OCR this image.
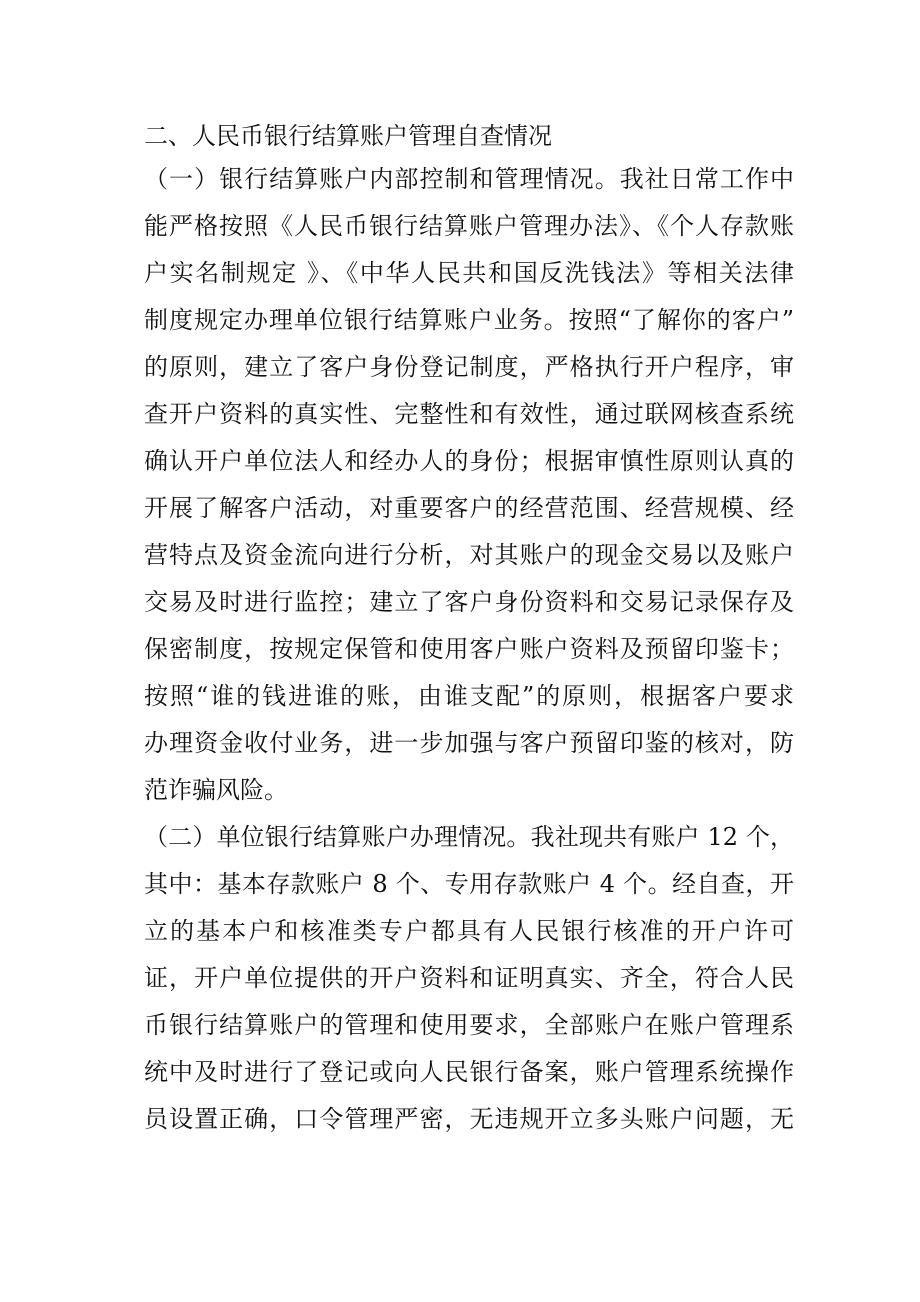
二、人民币银行结算账户管理自查情况

（一）银行结算账户内部控制和管理情况。我社日常工作中

能严格按照《人民币银行结算账户管理办法》、《个人存款账

户实名制规定 》、《中华人民共和国反洗钱法》等相关法律

制度规定办理单位银行结算账户业务。按照“了解你的客户”

的原则，建立了客户身份登记制度，严格执行开户程序，审

查开户资料的真实性、完整性和有效性，通过联网核查系统

确认开户单位法人和经办人的身份；根据审慎性原则认真的

开展了解客户活动，对重要客户的经营范围、经营规模、经

营特点及资金流向进行分析，对其账户的现金交易以及账户

交易及时进行监控；建立了客户身份资料和交易记录保存及

保密制度，按规定保管和使用客户账户资料及预留印鉴卡；

按照“谁的钱进谁的账，由谁支配”的原则，根据客户要求

办理资金收付业务，进一步加强与客户预留印鉴的核对，防

范诈骗风险。

（二）单位银行结算账户办理情况。我社现共有账户 12 个，

其中：基本存款账户 8 个、专用存款账户 4 个。经自查，开

立的基本户和核准类专户都具有人民银行核准的开户许可

证，开户单位提供的开户资料和证明真实、齐全，符合人民

币银行结算账户的管理和使用要求，全部账户在账户管理系

统中及时进行了登记或向人民银行备案，账户管理系统操作

员设置正确，口令管理严密，无违规开立多头账户问题，无
